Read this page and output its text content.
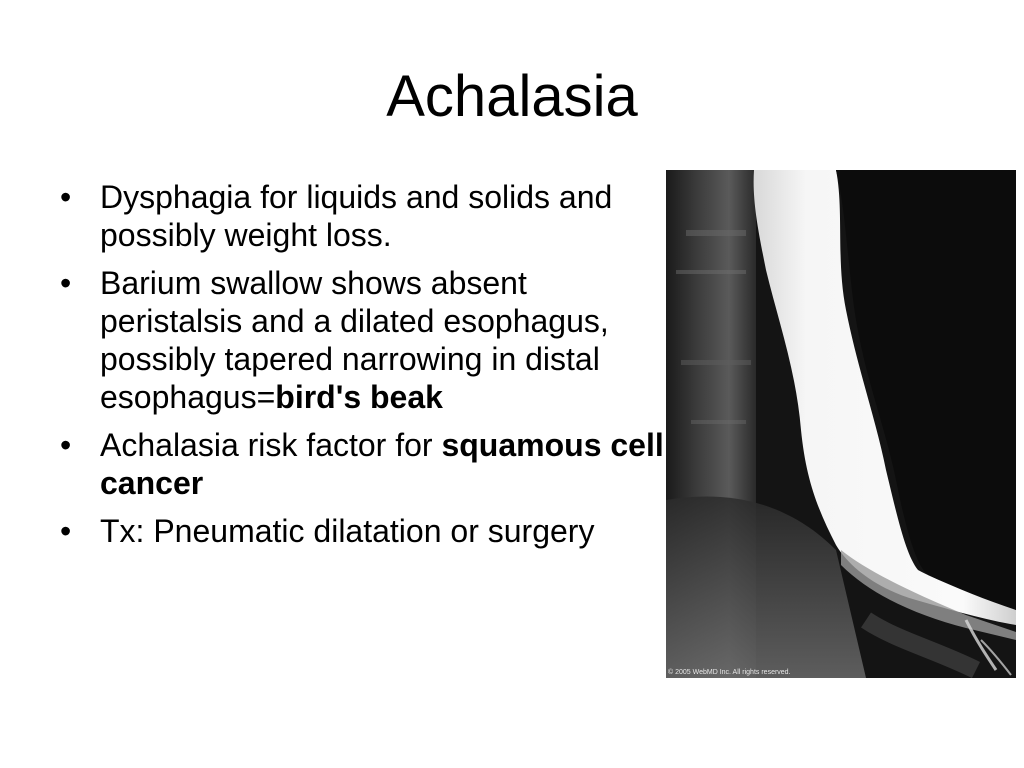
Achalasia
• Dysphagia for liquids and solids and possibly weight loss.
• Barium swallow shows absent peristalsis and a dilated esophagus, possibly tapered narrowing in distal esophagus=bird's beak
• Achalasia risk factor for squamous cell cancer
• Tx: Pneumatic dilatation or surgery
© 2005 WebMD Inc. All rights reserved.
